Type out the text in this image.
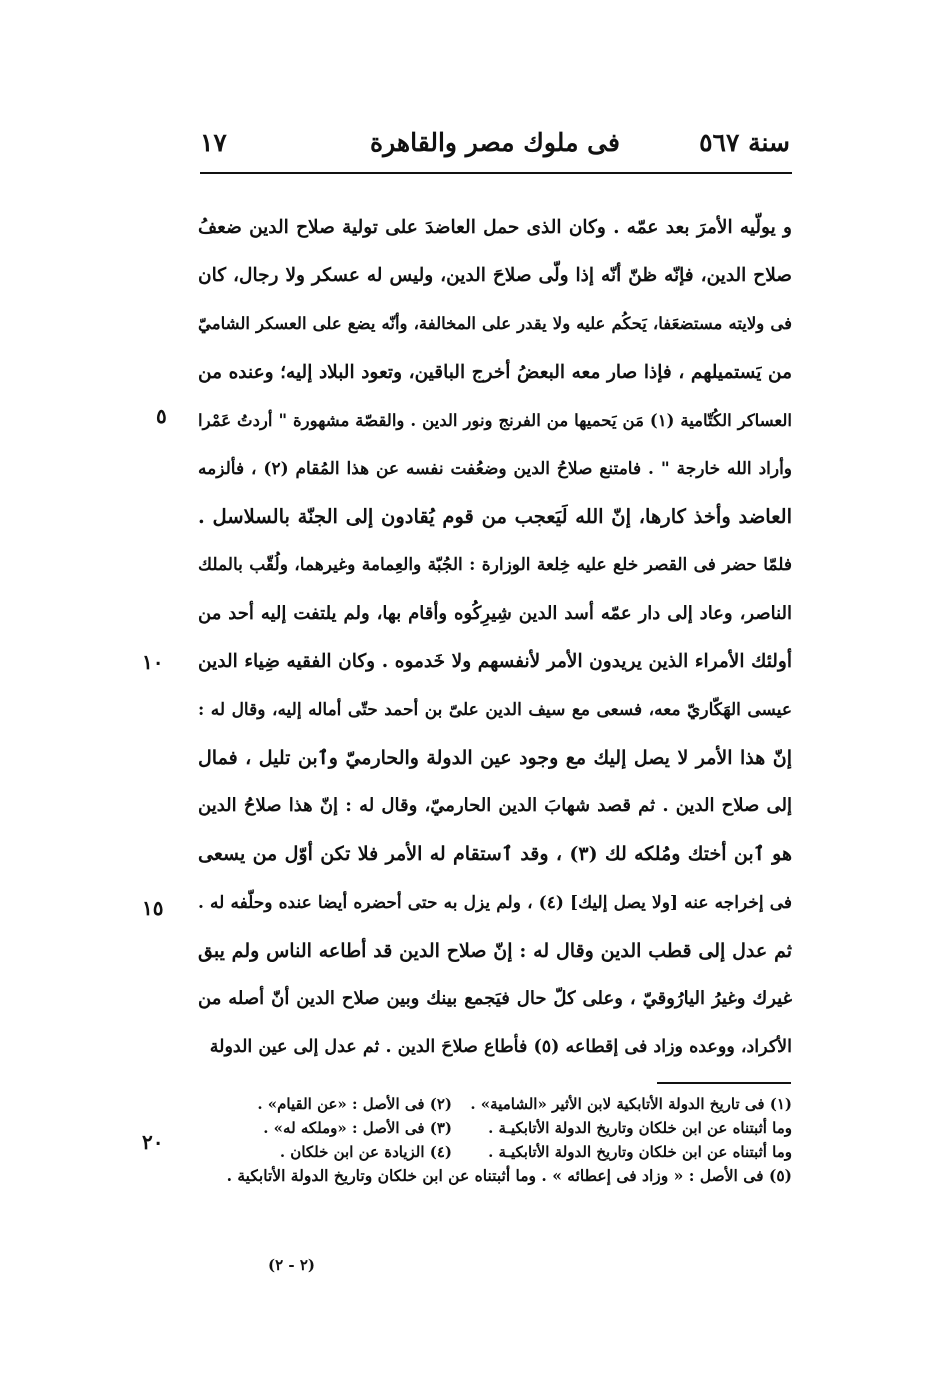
سنة ٥٦٧
فى ملوك مصر والقاهرة
١٧
و يولّيه الأمرَ بعد عمّه . وكان الذى حمل العاضدَ على تولية صلاح الدين ضعفُ
صلاح الدين، فإنّه ظنّ أنّه إذا ولّى صلاحَ الدين، وليس له عسكر ولا رجال، كان
فى ولايته مستضعَفا، يَحكُم عليه ولا يقدر على المخالفة، وأنّه يضع على العسكر الشاميّ
من يَستميلهم ، فإذا صار معه البعضُ أخرج الباقين، وتعود البلاد إليه؛ وعنده من
العساكر الكُتّامية (١) مَن يَحميها من الفرنج ونور الدين . والقصّة مشهورة " أردتُ عَمْرا
وأراد الله خارجة " . فامتنع صلاحُ الدين وضعُفت نفسه عن هذا المُقام (٢) ، فألزمه
العاضد وأخذ كارها، إنّ الله لَيَعجب من قوم يُقادون إلى الجنّة بالسلاسل .
فلمّا حضر فى القصر خلع عليه خِلعة الوزارة : الجُبّة والعِمامة وغيرهما، ولُقّب بالملك
الناصر، وعاد إلى دار عمّه أسد الدين شِيرِكُوه وأقام بها، ولم يلتفت إليه أحد من
أولئك الأمراء الذين يريدون الأمر لأنفسهم ولا خَدموه . وكان الفقيه ضِياء الدين
عيسى الهَكّاريّ معه، فسعى مع سيف الدين علىّ بن أحمد حتّى أماله إليه، وقال له :
إنّ هذا الأمر لا يصل إليك مع وجود عين الدولة والحارميّ وٱبن تليل ، فمال
إلى صلاح الدين . ثم قصد شهابَ الدين الحارميّ، وقال له : إنّ هذا صلاحُ الدين
هو ٱبن أختك ومُلكه لك (٣) ، وقد ٱستقام له الأمر فلا تكن أوّل من يسعى
فى إخراجه عنه [ولا يصل إليك] (٤) ، ولم يزل به حتى أحضره أيضا عنده وحلّفه له .
ثم عدل إلى قطب الدين وقال له : إنّ صلاح الدين قد أطاعه الناس ولم يبق
غيرك وغيرُ اليارُوقيّ ، وعلى كلّ حال فيَجمع بينك وبين صلاح الدين أنّ أصله من
الأكراد، ووعده وزاد فى إقطاعه (٥) فأطاع صلاحَ الدين . ثم عدل إلى عين الدولة
٥
١٠
١٥
٢٠
(١) فى تاريخ الدولة الأتابكية لابن الأثير «الشامية» .
(٢) فى الأصل : «عن القيام» .
وما أثبتناه عن ابن خلكان وتاريخ الدولة الأتابكيـة .
(٣) فى الأصل : «وملكه له» .
وما أثبتناه عن ابن خلكان وتاريخ الدولة الأتابكيـة .
(٤) الزيادة عن ابن خلكان .
(٥) فى الأصل : « وزاد فى إعطائه » . وما أثبتناه عن ابن خلكان وتاريخ الدولة الأتابكية .
(٢ - ٢)
